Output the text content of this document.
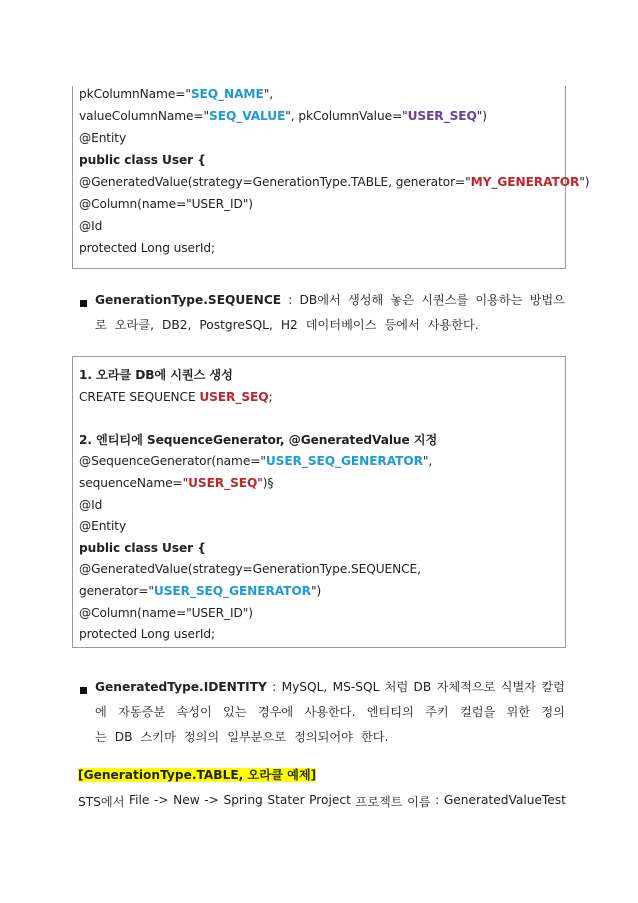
pkColumnName="SEQ_NAME",
valueColumnName="SEQ_VALUE", pkColumnValue="USER_SEQ")
@Entity
public class User {
@GeneratedValue(strategy=GenerationType.TABLE, generator="MY_GENERATOR")
@Column(name="USER_ID")
@Id
protected Long userId;
GenerationType.SEQUENCE : DB에서 생성해 놓은 시퀀스를 이용하는 방법으
로 오라클, DB2, PostgreSQL, H2 데이터베이스 등에서 사용한다.
1. 오라클 DB에 시퀀스 생성
CREATE SEQUENCE USER_SEQ;
2. 엔티티에 SequenceGenerator, @GeneratedValue 지정
@SequenceGenerator(name="USER_SEQ_GENERATOR",
sequenceName="USER_SEQ")§
@Id
@Entity
public class User {
@GeneratedValue(strategy=GenerationType.SEQUENCE,
generator="USER_SEQ_GENERATOR")
@Column(name="USER_ID")
protected Long userId;
GeneratedType.IDENTITY : MySQL, MS-SQL 처럼 DB 자체적으로 식별자 칼럼
에 자동증분 속성이 있는 경우에 사용한다. 엔티티의 주키 컬럼을 위한 정의
는 DB 스키마 정의의 일부분으로 정의되어야 한다.
[GenerationType.TABLE, 오라클 예제]
STS에서 File -> New -> Spring Stater Project 프로젝트 이름 : GeneratedValueTest
